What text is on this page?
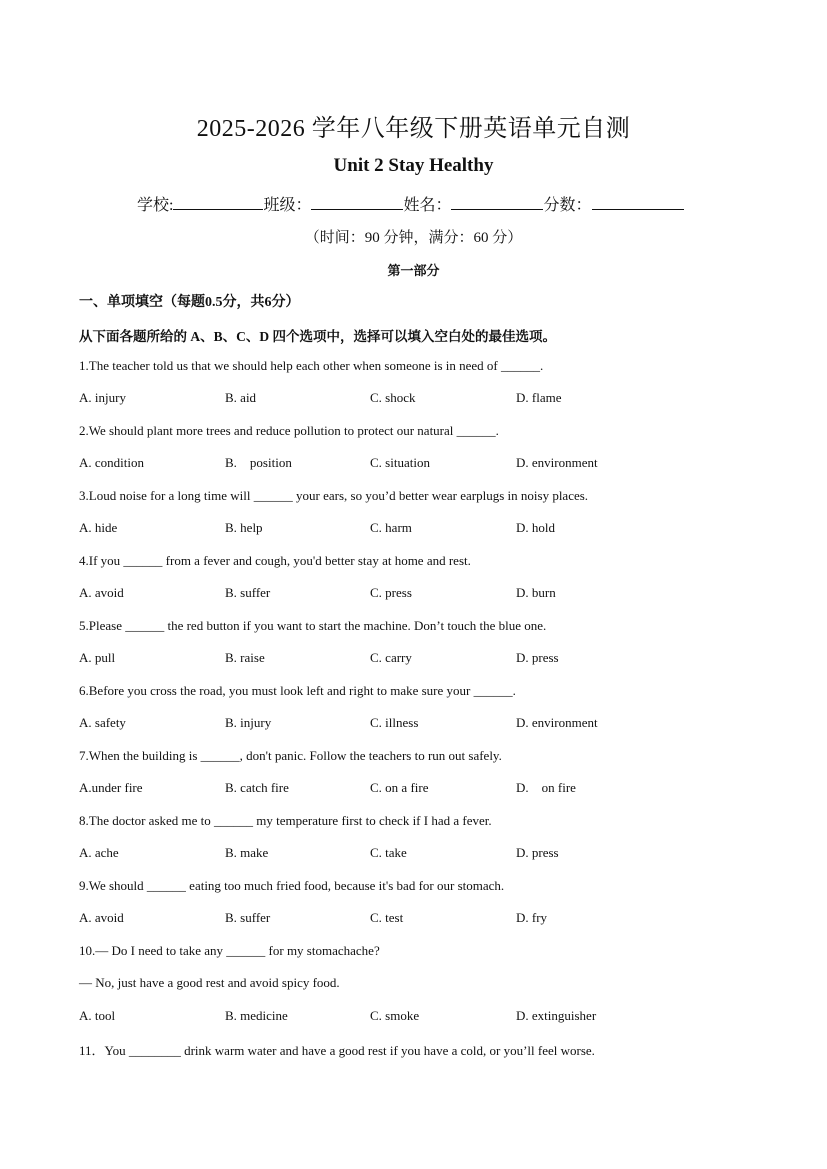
2025-2026 学年八年级下册英语单元自测
Unit 2 Stay Healthy
学校:	班级：	姓名：	分数：
（时间：90 分钟，满分：60 分）
第一部分
一、单项填空（每题0.5分，共6分）
从下面各题所给的 A、B、C、D 四个选项中，选择可以填入空白处的最佳选项。
1.The teacher told us that we should help each other when someone is in need of ______.
A. injury	B. aid	C. shock	D. flame
2.We should plant more trees and reduce pollution to protect our natural ______.
A. condition	B.    position	C. situation	D. environment
3.Loud noise for a long time will ______ your ears, so you’d better wear earplugs in noisy places.
A. hide	B. help	C. harm	D. hold
4.If you ______ from a fever and cough, you'd better stay at home and rest.
A. avoid	B. suffer	C. press	D. burn
5.Please ______ the red button if you want to start the machine. Don’t touch the blue one.
A. pull	B. raise	C. carry	D. press
6.Before you cross the road, you must look left and right to make sure your ______.
A. safety	B. injury	C. illness	D. environment
7.When the building is ______, don't panic. Follow the teachers to run out safely.
A.under fire	B. catch fire	C. on a fire	D.    on fire
8.The doctor asked me to ______ my temperature first to check if I had a fever.
A. ache	B. make	C. take	D. press
9.We should ______ eating too much fried food, because it's bad for our stomach.
A. avoid	B. suffer	C. test	D. fry
10.— Do I need to take any ______ for my stomachache?
— No, just have a good rest and avoid spicy food.
A. tool	B. medicine	C. smoke	D. extinguisher
11．You ________ drink warm water and have a good rest if you have a cold, or you’ll feel worse.
